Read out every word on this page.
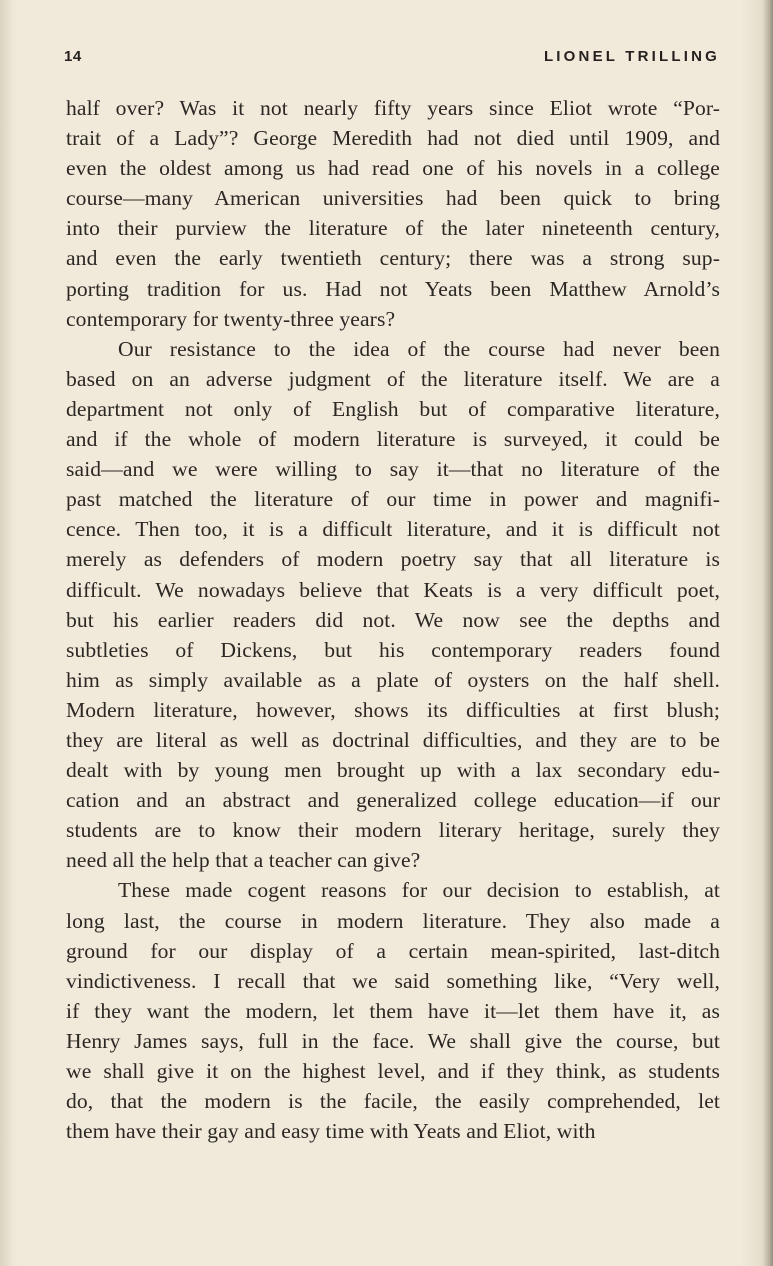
14	LIONEL TRILLING

half over? Was it not nearly fifty years since Eliot wrote “Por-
trait of a Lady”? George Meredith had not died until 1909, and
even the oldest among us had read one of his novels in a college
course—many American universities had been quick to bring
into their purview the literature of the later nineteenth century,
and even the early twentieth century; there was a strong sup-
porting tradition for us. Had not Yeats been Matthew Arnold’s
contemporary for twenty-three years?

Our resistance to the idea of the course had never been
based on an adverse judgment of the literature itself. We are a
department not only of English but of comparative literature,
and if the whole of modern literature is surveyed, it could be
said—and we were willing to say it—that no literature of the
past matched the literature of our time in power and magnifi-
cence. Then too, it is a difficult literature, and it is difficult not
merely as defenders of modern poetry say that all literature is
difficult. We nowadays believe that Keats is a very difficult poet,
but his earlier readers did not. We now see the depths and
subtleties of Dickens, but his contemporary readers found
him as simply available as a plate of oysters on the half shell.
Modern literature, however, shows its difficulties at first blush;
they are literal as well as doctrinal difficulties, and they are to be
dealt with by young men brought up with a lax secondary edu-
cation and an abstract and generalized college education—if our
students are to know their modern literary heritage, surely they
need all the help that a teacher can give?

These made cogent reasons for our decision to establish, at
long last, the course in modern literature. They also made a
ground for our display of a certain mean-spirited, last-ditch
vindictiveness. I recall that we said something like, “Very well,
if they want the modern, let them have it—let them have it, as
Henry James says, full in the face. We shall give the course, but
we shall give it on the highest level, and if they think, as students
do, that the modern is the facile, the easily comprehended, let
them have their gay and easy time with Yeats and Eliot, with
